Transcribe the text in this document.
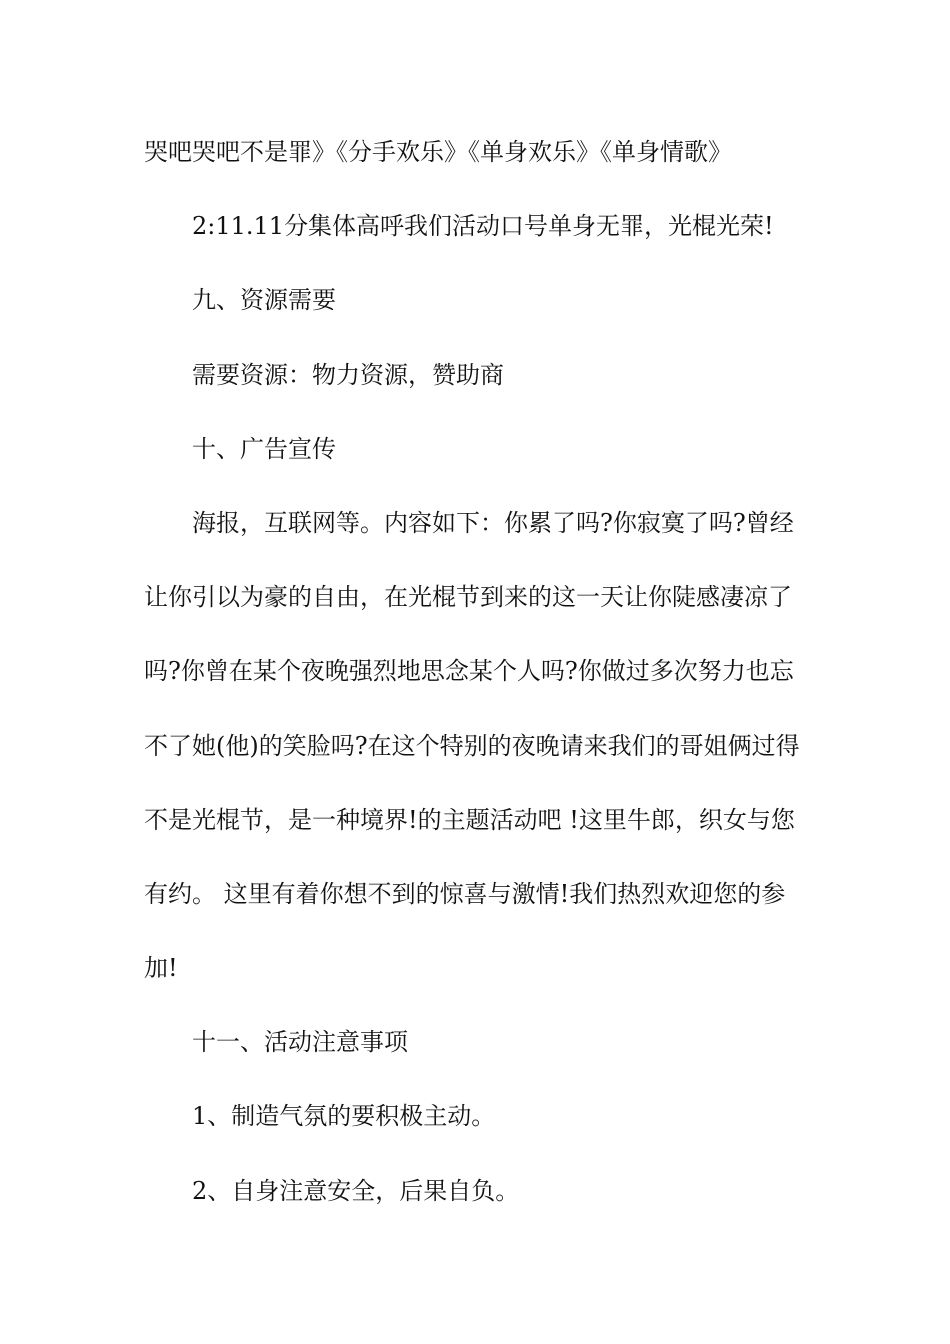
哭吧哭吧不是罪》《分手欢乐》《单身欢乐》《单身情歌》
2:11.11分集体高呼我们活动口号单身无罪，光棍光荣!
九、资源需要
需要资源：物力资源，赞助商
十、广告宣传
海报，互联网等。内容如下：你累了吗?你寂寞了吗?曾经
让你引以为豪的自由，在光棍节到来的这一天让你陡感凄凉了
吗?你曾在某个夜晚强烈地思念某个人吗?你做过多次努力也忘
不了她(他)的笑脸吗?在这个特别的夜晚请来我们的哥姐俩过得
不是光棍节，是一种境界!的主题活动吧 !这里牛郎，织女与您
有约。 这里有着你想不到的惊喜与激情!我们热烈欢迎您的参
加!
十一、活动注意事项
1、制造气氛的要积极主动。
2、自身注意安全，后果自负。
